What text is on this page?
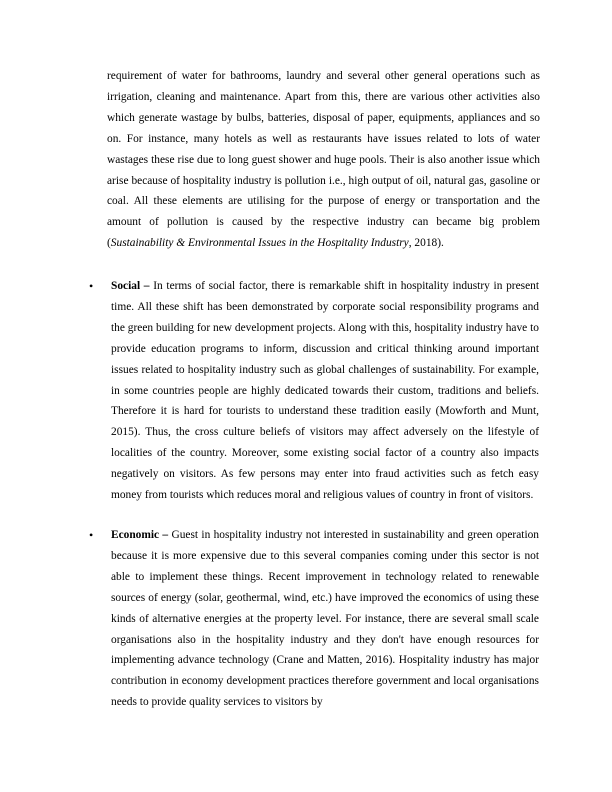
requirement of water for bathrooms, laundry and several other general operations such as irrigation, cleaning and maintenance. Apart from this, there are various other activities also which generate wastage by bulbs, batteries, disposal of paper, equipments, appliances and so on. For instance, many hotels as well as restaurants have issues related to lots of water wastages these rise due to long guest shower and huge pools. Their is also another issue which arise because of hospitality industry is pollution i.e., high output of oil, natural gas, gasoline or coal. All these elements are utilising for the purpose of energy or transportation and the amount of pollution is caused by the respective industry can became big problem (Sustainability & Environmental Issues in the Hospitality Industry, 2018).

• Social – In terms of social factor, there is remarkable shift in hospitality industry in present time. All these shift has been demonstrated by corporate social responsibility programs and the green building for new development projects. Along with this, hospitality industry have to provide education programs to inform, discussion and critical thinking around important issues related to hospitality industry such as global challenges of sustainability. For example, in some countries people are highly dedicated towards their custom, traditions and beliefs. Therefore it is hard for tourists to understand these tradition easily (Mowforth and Munt, 2015). Thus, the cross culture beliefs of visitors may affect adversely on the lifestyle of localities of the country. Moreover, some existing social factor of a country also impacts negatively on visitors. As few persons may enter into fraud activities such as fetch easy money from tourists which reduces moral and religious values of country in front of visitors.

• Economic – Guest in hospitality industry not interested in sustainability and green operation because it is more expensive due to this several companies coming under this sector is not able to implement these things. Recent improvement in technology related to renewable sources of energy (solar, geothermal, wind, etc.) have improved the economics of using these kinds of alternative energies at the property level. For instance, there are several small scale organisations also in the hospitality industry and they don't have enough resources for implementing advance technology (Crane and Matten, 2016). Hospitality industry has major contribution in economy development practices therefore government and local organisations needs to provide quality services to visitors by
